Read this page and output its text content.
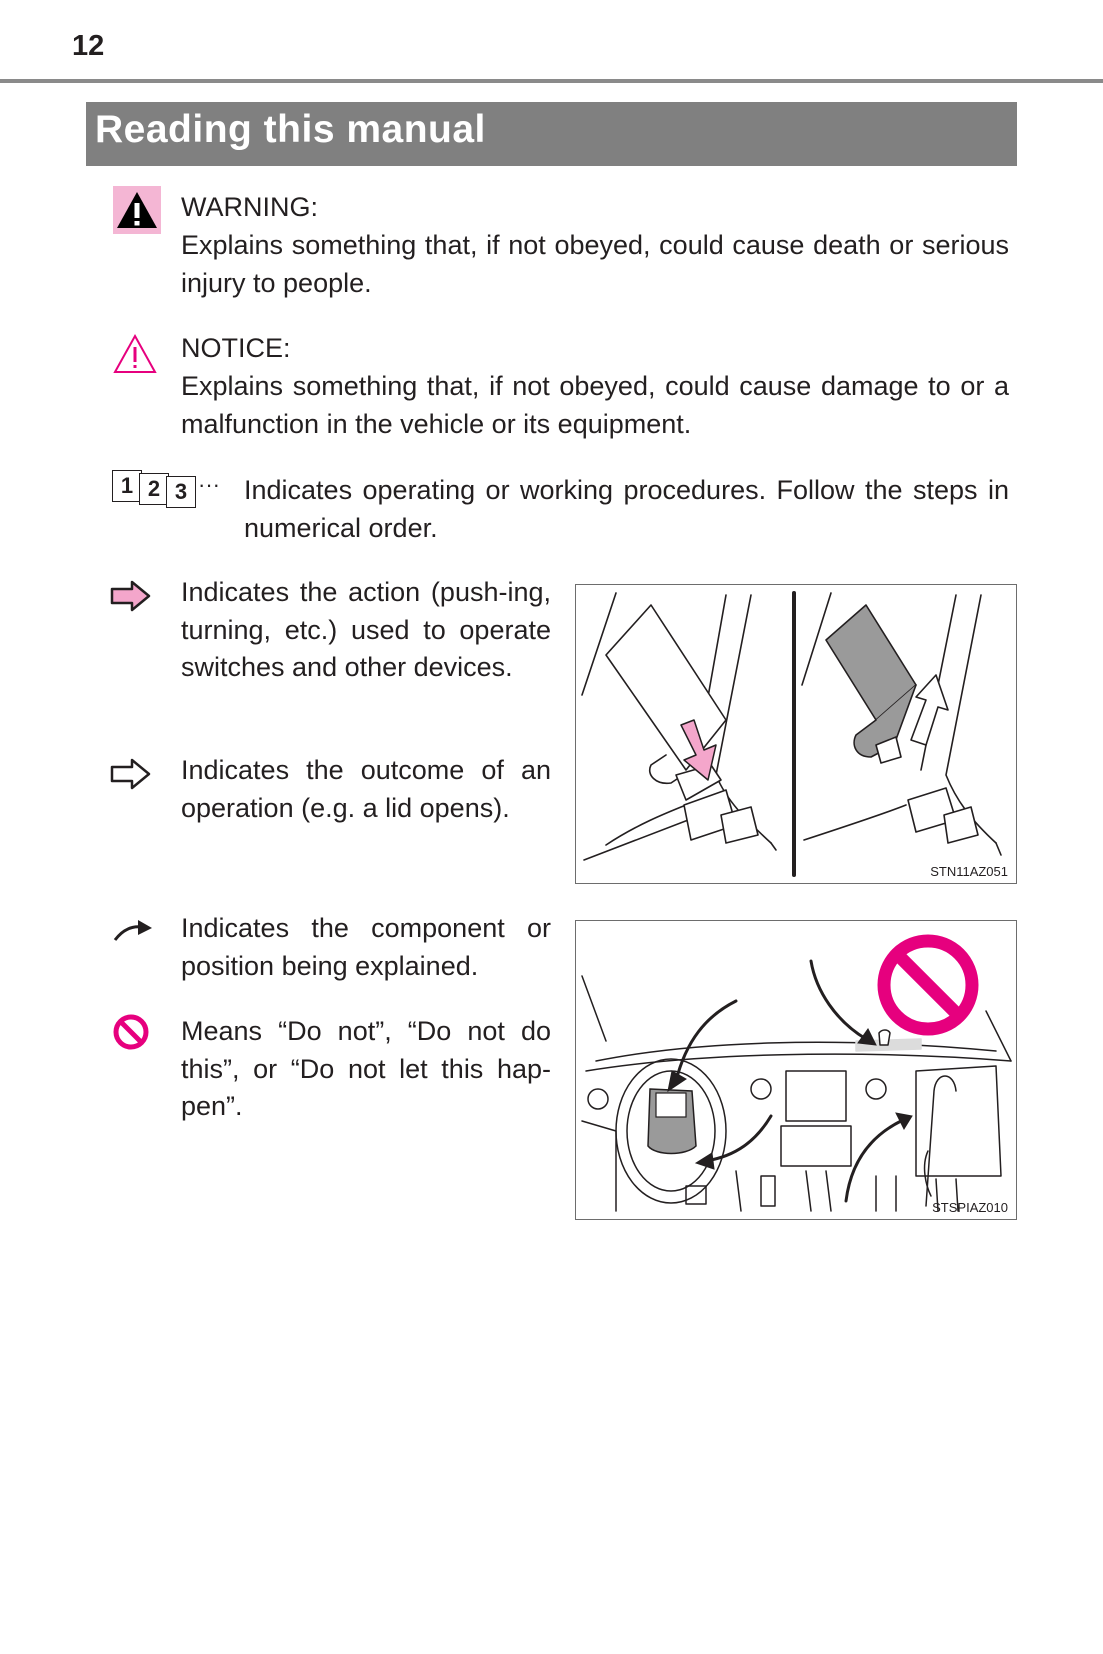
12
Reading this manual
WARNING:
Explains something that, if not obeyed, could cause death or serious injury to people.
NOTICE:
Explains something that, if not obeyed, could cause damage to or a malfunction in the vehicle or its equipment.
1 2 3 ··· Indicates operating or working procedures. Follow the steps in numerical order.
Indicates the action (push-ing, turning, etc.) used to operate switches and other devices.
Indicates the outcome of an operation (e.g. a lid opens).
Indicates the component or position being explained.
Means “Do not”, “Do not do this”, or “Do not let this hap-pen”.
STN11AZ051
STSPIAZ010
